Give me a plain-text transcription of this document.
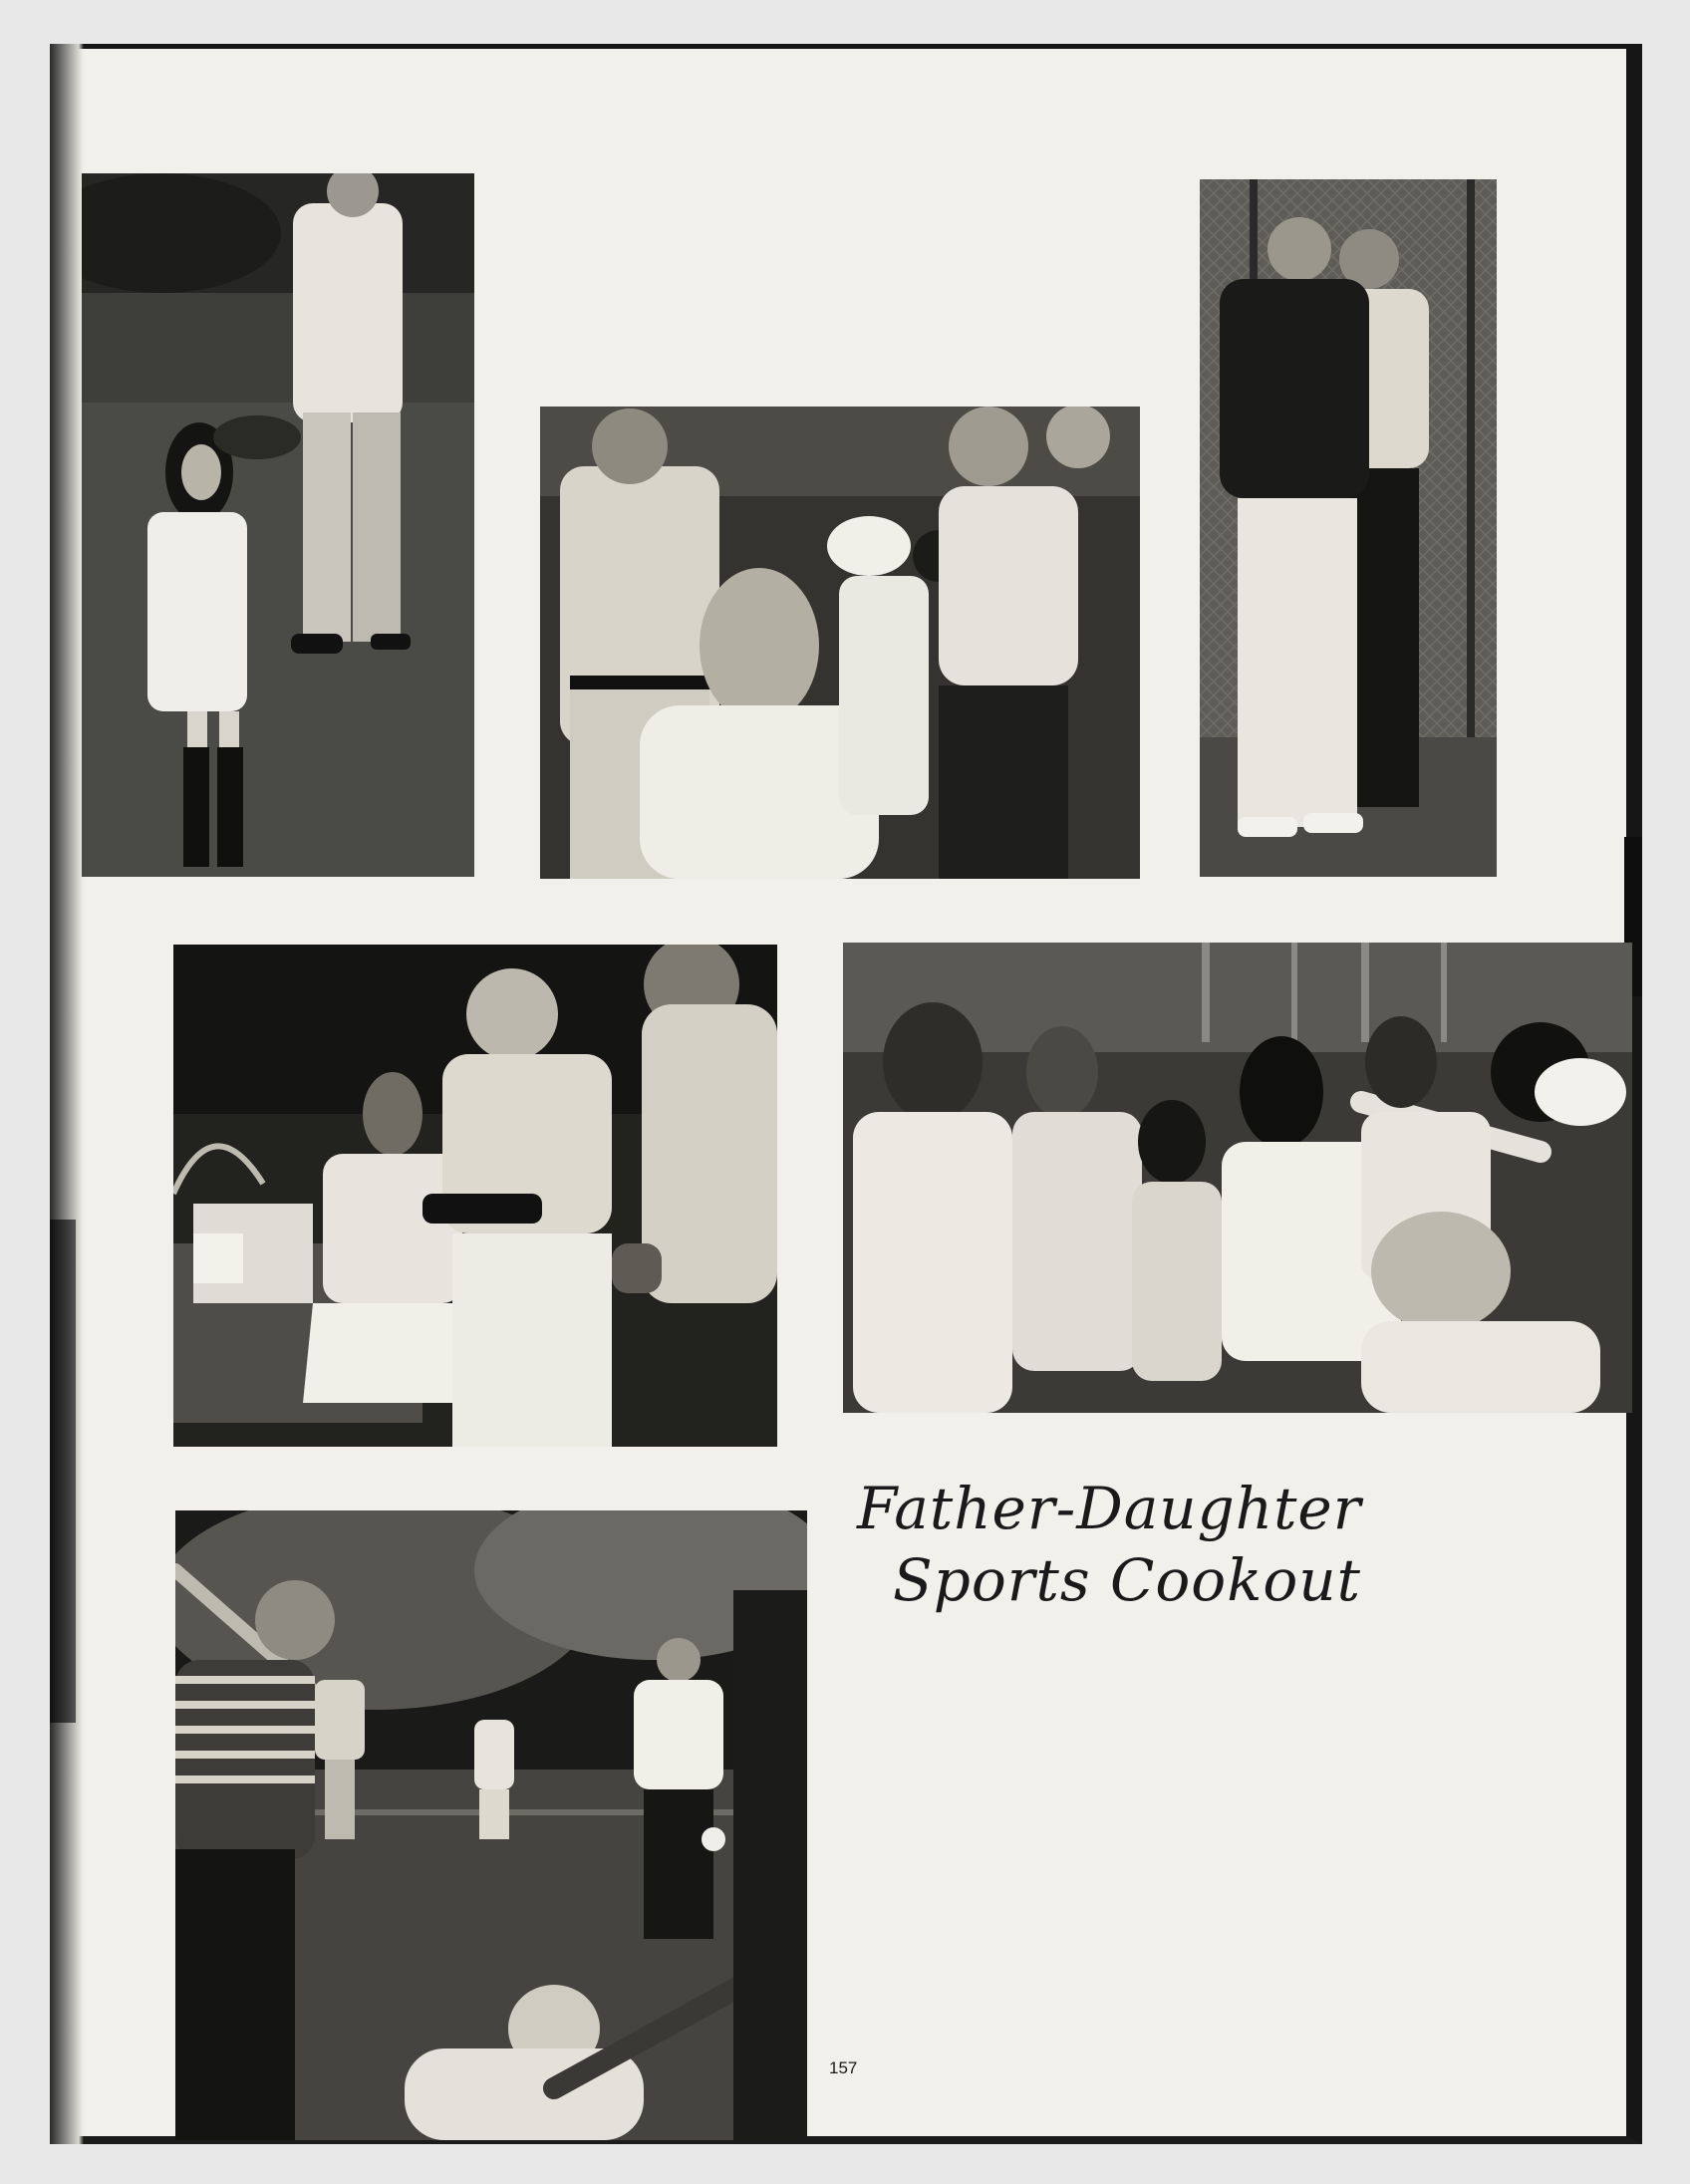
Father-Daughter
Sports Cookout
157
